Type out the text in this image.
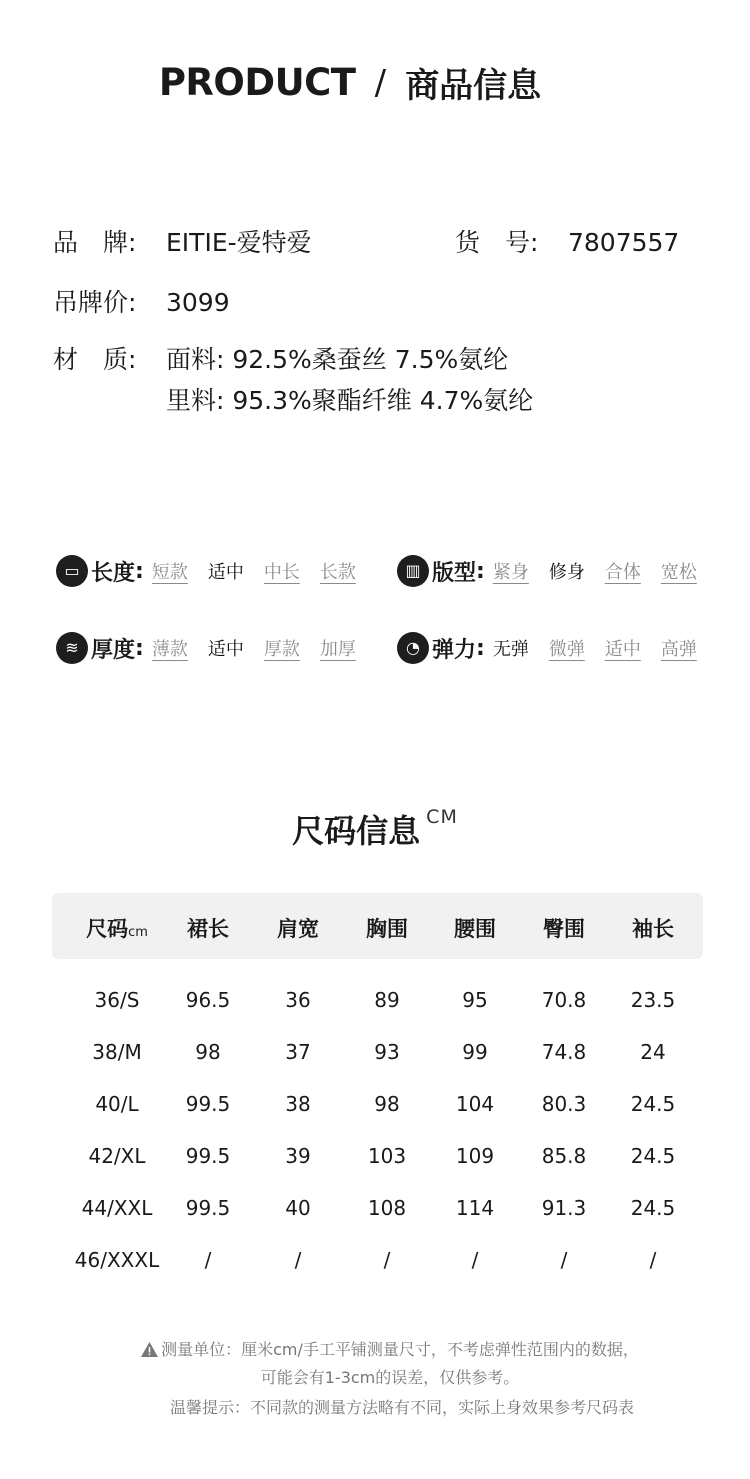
PRODUCT / 商品信息
品　牌: EITIE-爱特爱	货　号: 7807557
吊牌价: 3099
材　质: 面料: 92.5%桑蚕丝 7.5%氨纶
里料: 95.3%聚酯纤维 4.7%氨纶
▭ 长度 : 短款 适中 中长 长款	▥ 版型 : 紧身 修身 合体 宽松
≋ 厚度 : 薄款 适中 厚款 加厚	◔ 弹力 : 无弹 微弹 适中 高弹
尺码信息 CM
尺码cm	裙长	肩宽	胸围	腰围	臀围	袖长
36/S	96.5	36	89	95	70.8	23.5
38/M	98	37	93	99	74.8	24
40/L	99.5	38	98	104	80.3	24.5
42/XL	99.5	39	103	109	85.8	24.5
44/XXL	99.5	40	108	114	91.3	24.5
46/XXXL	/	/	/	/	/	/
测量单位：厘米cm/手工平铺测量尺寸，不考虑弹性范围内的数据，
可能会有1-3cm的误差，仅供参考。
温馨提示：不同款的测量方法略有不同，实际上身效果参考尺码表
